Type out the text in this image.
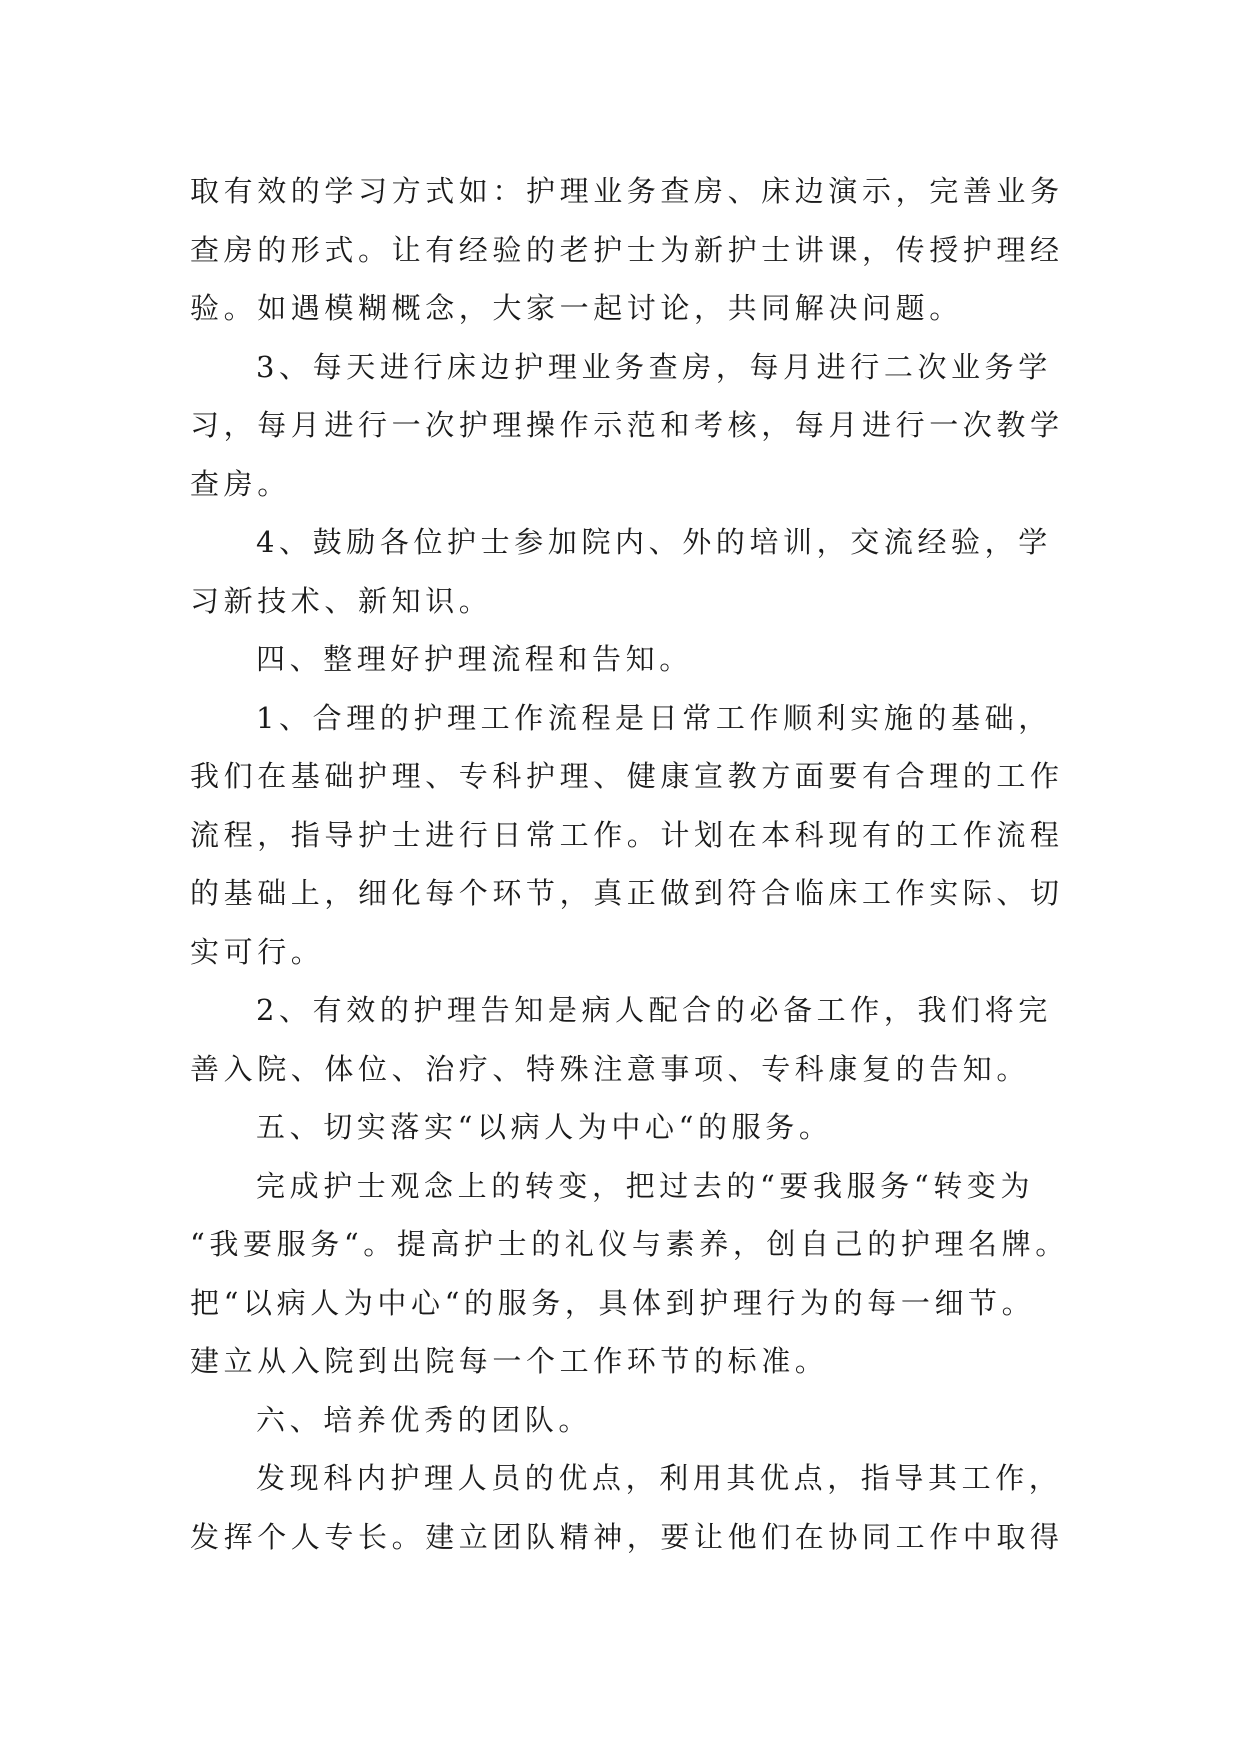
取有效的学习方式如：护理业务查房、床边演示，完善业务
查房的形式。让有经验的老护士为新护士讲课，传授护理经
验。如遇模糊概念，大家一起讨论，共同解决问题。
3、每天进行床边护理业务查房，每月进行二次业务学
习，每月进行一次护理操作示范和考核，每月进行一次教学
查房。
4、鼓励各位护士参加院内、外的培训，交流经验，学
习新技术、新知识。
四、整理好护理流程和告知。
1、合理的护理工作流程是日常工作顺利实施的基础，
我们在基础护理、专科护理、健康宣教方面要有合理的工作
流程，指导护士进行日常工作。计划在本科现有的工作流程
的基础上，细化每个环节，真正做到符合临床工作实际、切
实可行。
2、有效的护理告知是病人配合的必备工作，我们将完
善入院、体位、治疗、特殊注意事项、专科康复的告知。
五、切实落实“以病人为中心“的服务。
完成护士观念上的转变，把过去的“要我服务“转变为
“我要服务“。提高护士的礼仪与素养，创自己的护理名牌。
把“以病人为中心“的服务，具体到护理行为的每一细节。
建立从入院到出院每一个工作环节的标准。
六、培养优秀的团队。
发现科内护理人员的优点，利用其优点，指导其工作，
发挥个人专长。建立团队精神，要让他们在协同工作中取得
